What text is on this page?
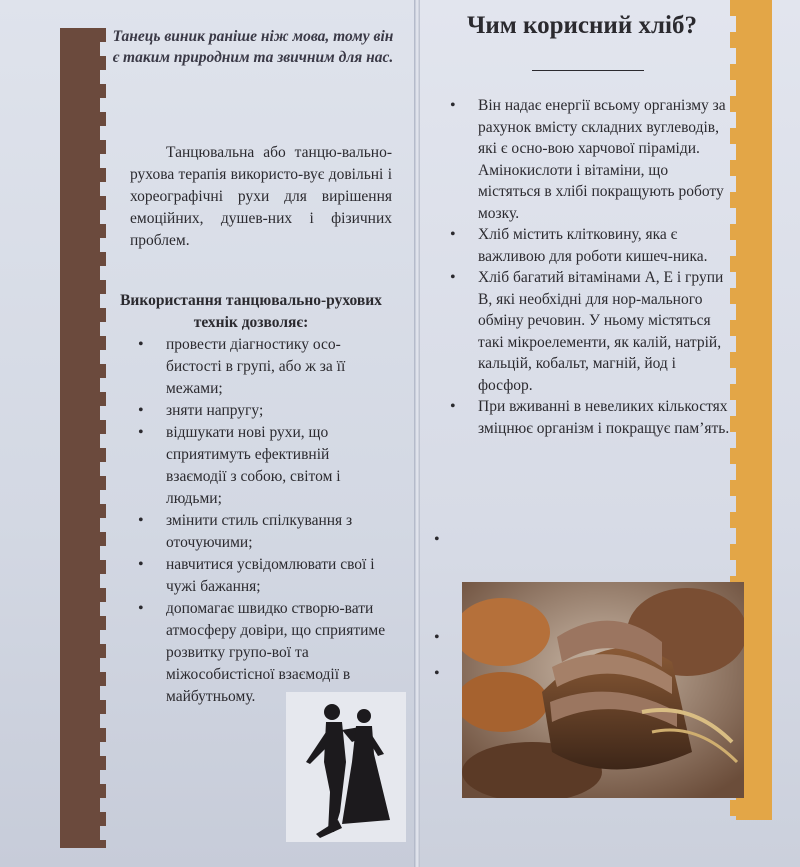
Танець виник раніше ніж мова, тому він є таким природним та звичним для нас.
Танцювальна або танцю-вально-рухова терапія використо-вує довільні і хореографічні рухи для вирішення емоційних, душев-них і фізичних проблем.
Використання танцювально-рухових технік дозволяє:
• провести діагностику осо-бистості в групі, або ж за її межами;
• зняти напругу;
• відшукати нові рухи, що сприятимуть ефективній взаємодії з собою, світом і людьми;
• змінити стиль спілкування з оточуючими;
• навчитися усвідомлювати свої і чужі бажання;
• допомагає швидко створю-вати атмосферу довіри, що сприятиме розвитку групо-вої та міжособистісної взаємодії в майбутньому.
Чим корисний хліб?
• Він надає енергії всьому організму за рахунок вмісту складних вуглеводів, які є осно-вою харчової піраміди. Амінокислоти і вітаміни, що містяться в хлібі покращують роботу мозку.
• Хліб містить клітковину, яка є важливою для роботи кишеч-ника.
• Хліб багатий вітамінами А, Е і групи В, які необхідні для нор-мального обміну речовин. У ньому містяться такі мікроелементи, як калій, натрій, кальцій, кобальт, магній, йод і фосфор.
• При вживанні в невеликих кількостях зміцнює організм і покращує пам’ять.
•
•
•
